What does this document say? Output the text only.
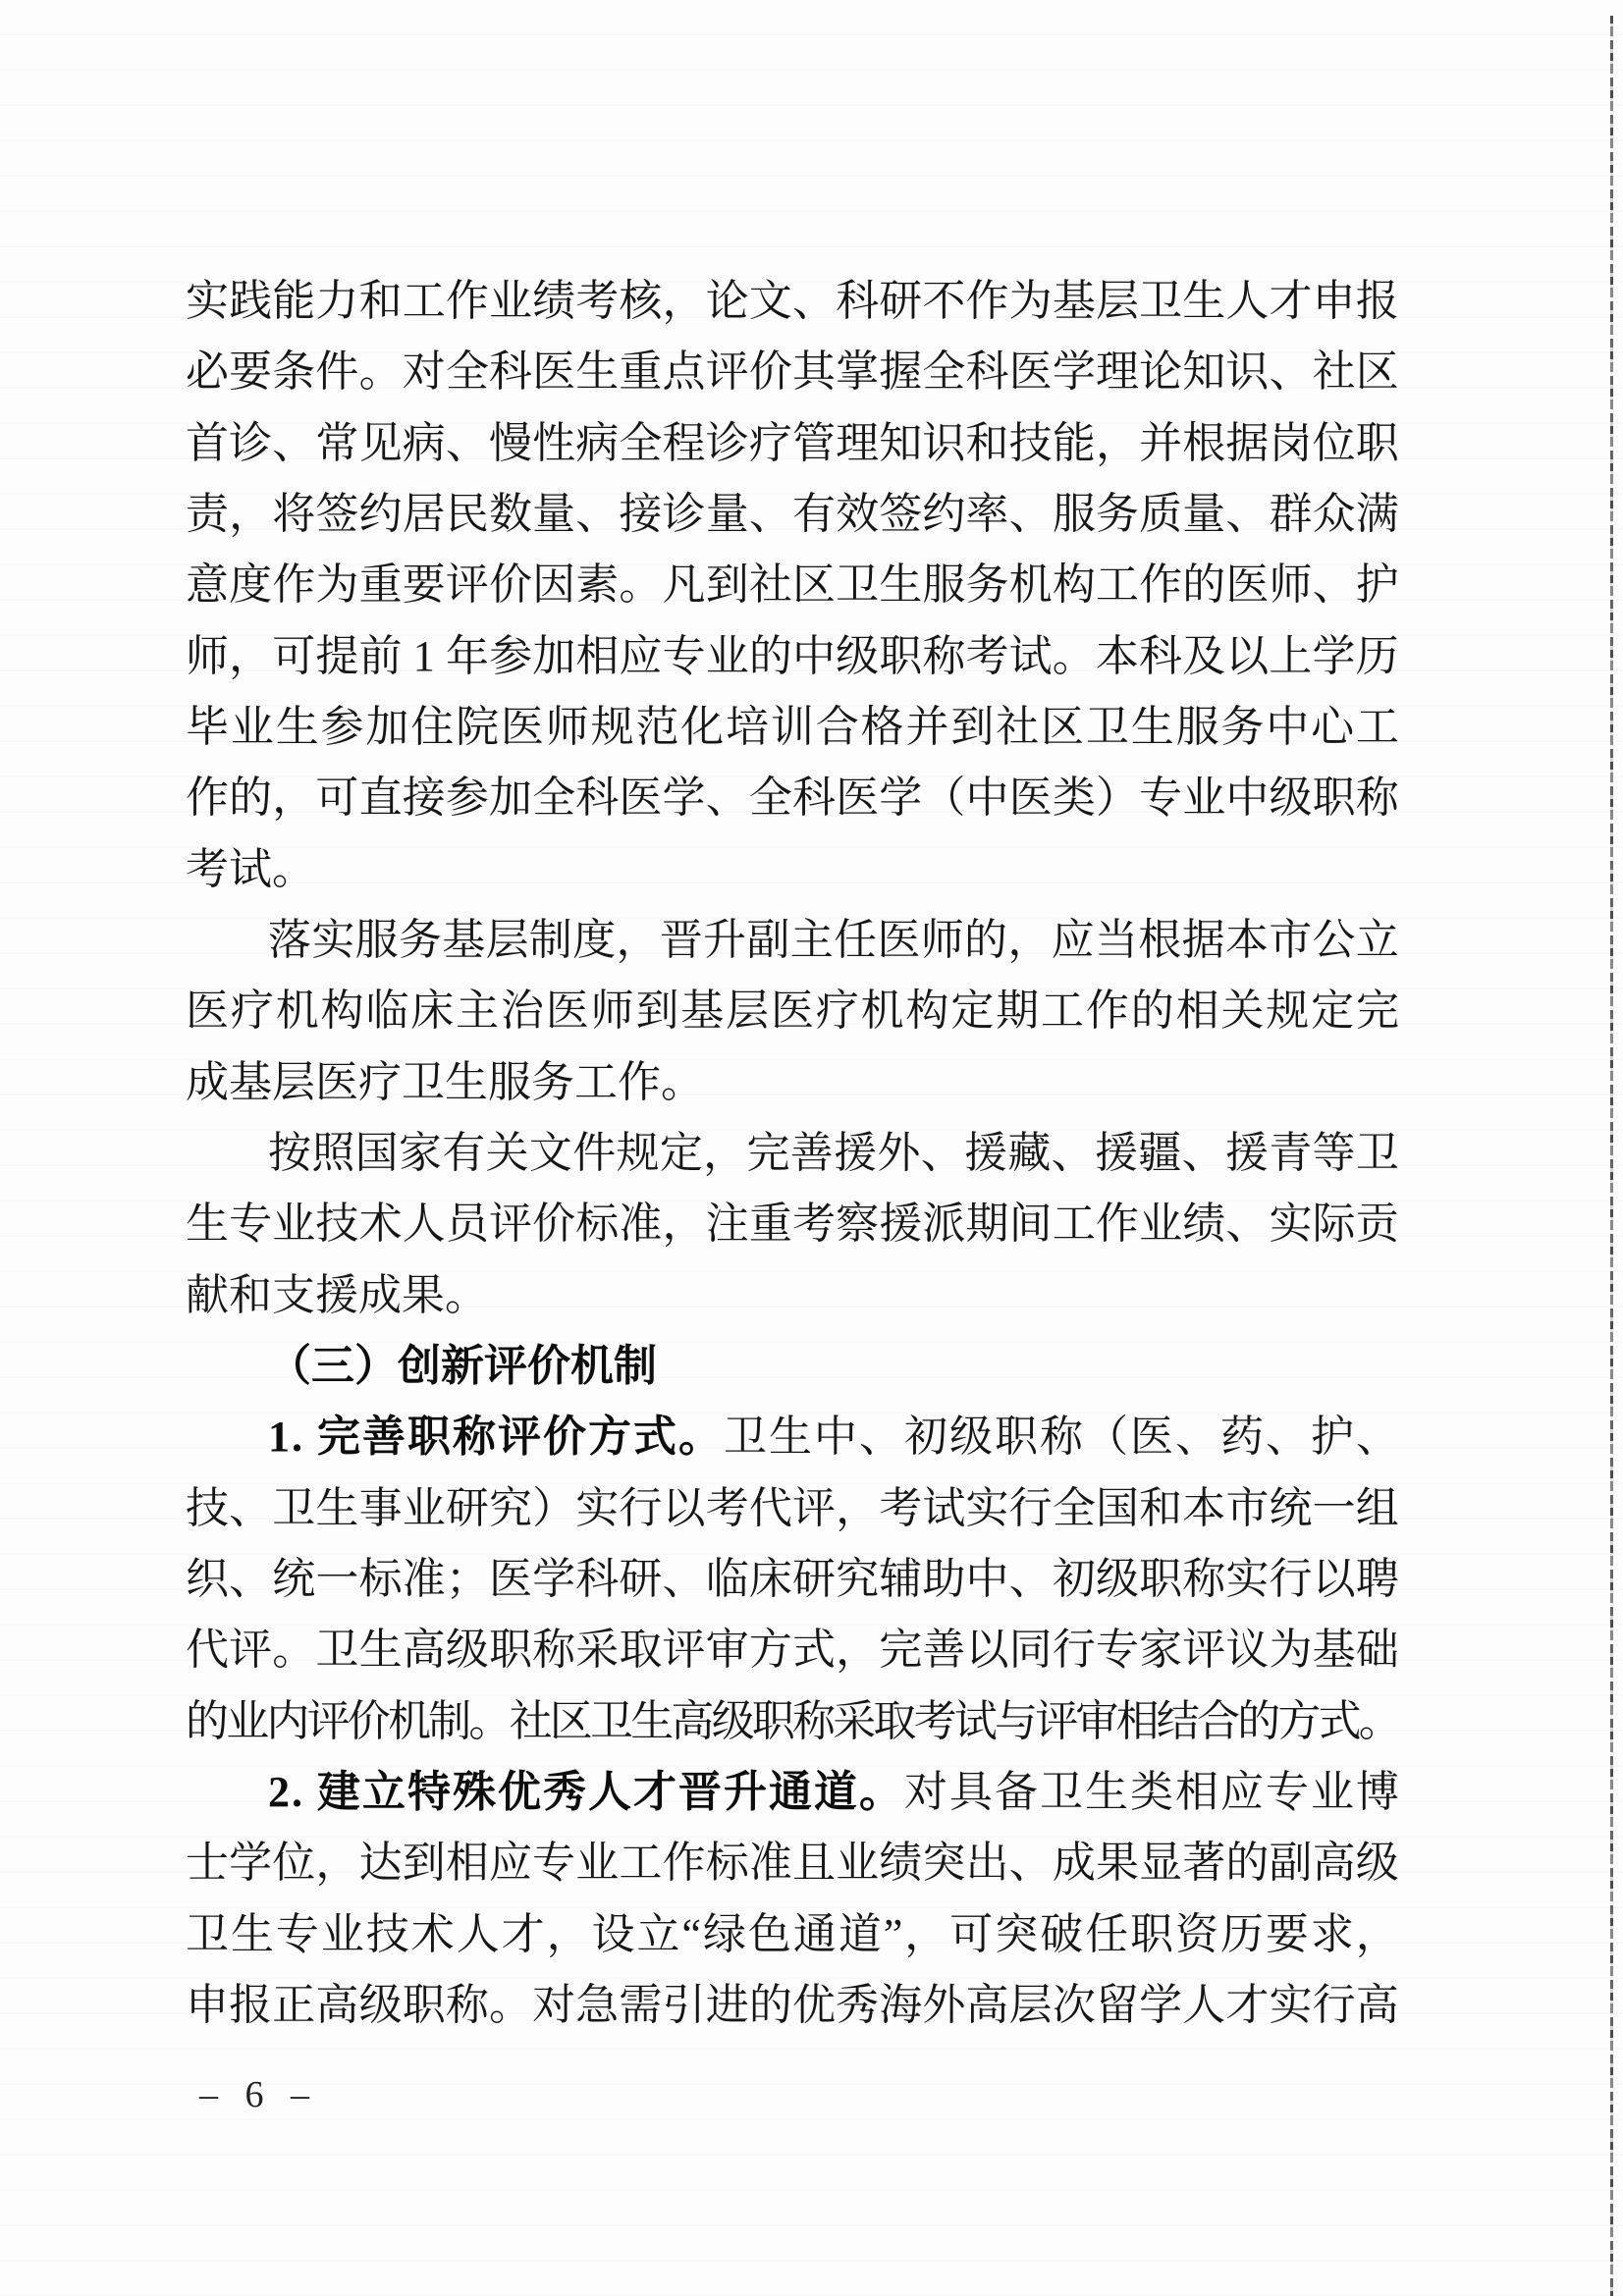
实 践 能 力 和 工 作 业 绩 考 核 ， 论 文 、 科 研 不 作 为 基 层 卫 生 人 才 申 报
必 要 条 件 。 对 全 科 医 生 重 点 评 价 其 掌 握 全 科 医 学 理 论 知 识 、 社 区
首 诊 、 常 见 病 、 慢 性 病 全 程 诊 疗 管 理 知 识 和 技 能 ， 并 根 据 岗 位 职
责 ， 将 签 约 居 民 数 量 、 接 诊 量 、 有 效 签 约 率 、 服 务 质 量 、 群 众 满
意 度 作 为 重 要 评 价 因 素 。 凡 到 社 区 卫 生 服 务 机 构 工 作 的 医 师 、 护
师 ， 可 提 前
1
年 参 加 相 应 专 业 的 中 级 职 称 考 试 。 本 科 及 以 上 学 历
毕 业 生 参 加 住 院 医 师 规 范 化 培 训 合 格 并 到 社 区 卫 生 服 务 中 心 工
作 的 ， 可 直 接 参 加 全 科 医 学 、 全 科 医 学 （ 中 医 类 ） 专 业 中 级 职 称
考试。
落 实 服 务 基 层 制 度 ， 晋 升 副 主 任 医 师 的 ， 应 当 根 据 本 市 公 立
医 疗 机 构 临 床 主 治 医 师 到 基 层 医 疗 机 构 定 期 工 作 的 相 关 规 定 完
成基层医疗卫生服务工作。
按 照 国 家 有 关 文 件 规 定 ， 完 善 援 外 、 援 藏 、 援 疆 、 援 青 等 卫
生 专 业 技 术 人 员 评 价 标 准 ， 注 重 考 察 援 派 期 间 工 作 业 绩 、 实 际 贡
献和支援成果。
（三）创新评价机制
1 .
完 善 职 称 评 价 方 式 。 卫 生 中 、 初 级 职 称 （ 医 、 药 、 护 、
技 、 卫 生 事 业 研 究 ） 实 行 以 考 代 评 ， 考 试 实 行 全 国 和 本 市 统 一 组
织 、 统 一 标 准 ； 医 学 科 研 、 临 床 研 究 辅 助 中 、 初 级 职 称 实 行 以 聘
代 评 。 卫 生 高 级 职 称 采 取 评 审 方 式 ， 完 善 以 同 行 专 家 评 议 为 基 础
的业内评价机制。社区卫生高级职称采取考试与评审相结合的方式。
2 .
建 立 特 殊 优 秀 人 才 晋 升 通 道 。 对 具 备 卫 生 类 相 应 专 业 博
士 学 位 ， 达 到 相 应 专 业 工 作 标 准 且 业 绩 突 出 、 成 果 显 著 的 副 高 级
卫 生 专 业 技 术 人 才 ， 设 立 “ 绿 色 通 道 ” ， 可 突 破 任 职 资 历 要 求 ，
申 报 正 高 级 职 称 。 对 急 需 引 进 的 优 秀 海 外 高 层 次 留 学 人 才 实 行 高
– 6 –
